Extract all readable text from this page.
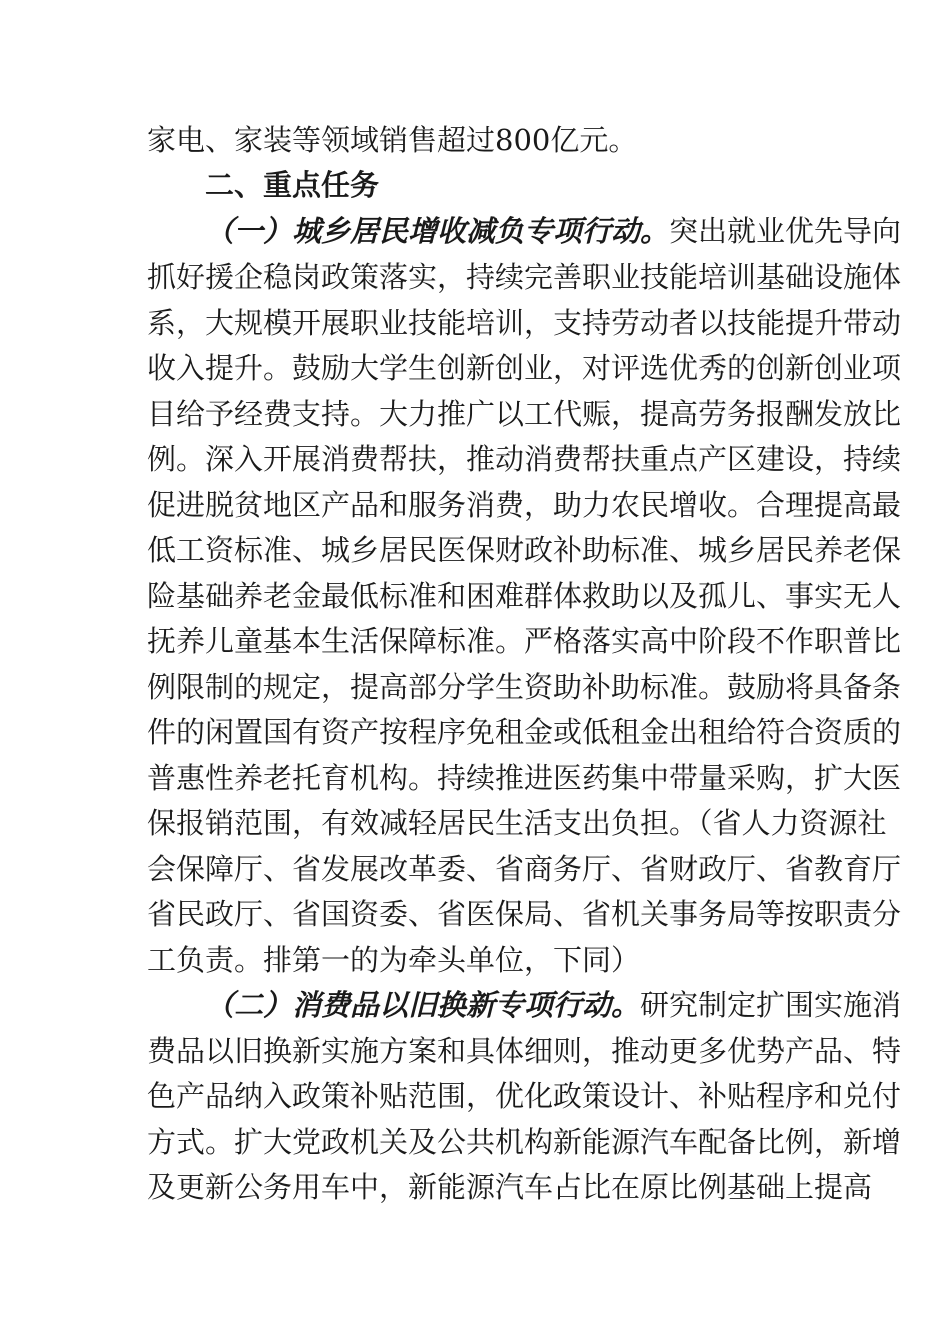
家电、家装等领域销售超过800亿元。
二、重点任务
（一）城乡居民增收减负专项行动。突出就业优先导向
抓好援企稳岗政策落实，持续完善职业技能培训基础设施体
系，大规模开展职业技能培训，支持劳动者以技能提升带动
收入提升。鼓励大学生创新创业，对评选优秀的创新创业项
目给予经费支持。大力推广以工代赈，提高劳务报酬发放比
例。深入开展消费帮扶，推动消费帮扶重点产区建设，持续
促进脱贫地区产品和服务消费，助力农民增收。合理提高最
低工资标准、城乡居民医保财政补助标准、城乡居民养老保
险基础养老金最低标准和困难群体救助以及孤儿、事实无人
抚养儿童基本生活保障标准。严格落实高中阶段不作职普比
例限制的规定，提高部分学生资助补助标准。鼓励将具备条
件的闲置国有资产按程序免租金或低租金出租给符合资质的
普惠性养老托育机构。持续推进医药集中带量采购，扩大医
保报销范围，有效减轻居民生活支出负担。（省人力资源社
会保障厅、省发展改革委、省商务厅、省财政厅、省教育厅
省民政厅、省国资委、省医保局、省机关事务局等按职责分
工负责。排第一的为牵头单位，下同）
（二）消费品以旧换新专项行动。研究制定扩围实施消
费品以旧换新实施方案和具体细则，推动更多优势产品、特
色产品纳入政策补贴范围，优化政策设计、补贴程序和兑付
方式。扩大党政机关及公共机构新能源汽车配备比例，新增
及更新公务用车中，新能源汽车占比在原比例基础上提高
